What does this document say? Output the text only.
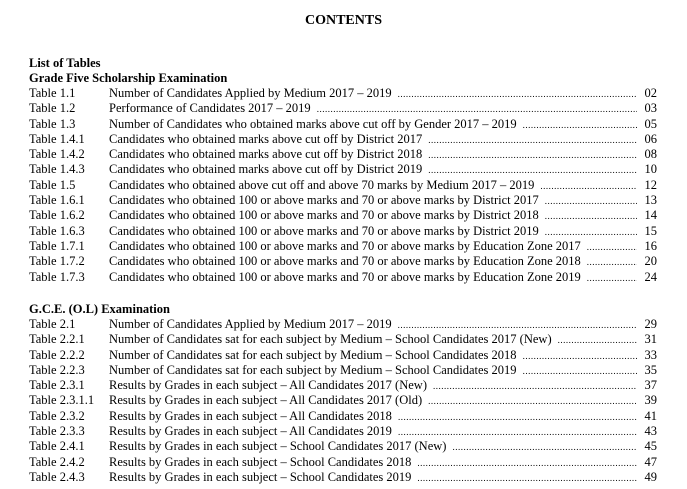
CONTENTS
List of Tables
Grade Five Scholarship Examination
Table 1.1	Number of Candidates Applied by Medium 2017 – 2019 .....	02
Table 1.2	Performance of Candidates 2017 – 2019 .....	03
Table 1.3	Number of Candidates who obtained marks above cut off by Gender 2017 – 2019 .....	05
Table 1.4.1 Candidates who obtained marks above cut off by District 2017 .....	06
Table 1.4.2 Candidates who obtained marks above cut off by District 2018 .....	08
Table 1.4.3 Candidates who obtained marks above cut off by District 2019 .....	10
Table 1.5	Candidates who obtained above cut off and above 70 marks by Medium 2017 – 2019 .....	12
Table 1.6.1 Candidates who obtained 100 or above marks and 70 or above marks by District 2017 .....	13
Table 1.6.2 Candidates who obtained 100 or above marks and 70 or above marks by District 2018 .....	14
Table 1.6.3 Candidates who obtained 100 or above marks and 70 or above marks by District 2019 .....	15
Table 1.7.1 Candidates who obtained 100 or above marks and 70 or above marks by Education Zone 2017 .....	16
Table 1.7.2 Candidates who obtained 100 or above marks and 70 or above marks by Education Zone 2018 .....	20
Table 1.7.3 Candidates who obtained 100 or above marks and 70 or above marks by Education Zone 2019 .....	24
G.C.E. (O.L) Examination
Table 2.1	Number of Candidates Applied by Medium 2017 – 2019 .....	29
Table 2.2.1 Number of Candidates sat for each subject by Medium – School Candidates 2017 (New) .....	31
Table 2.2.2 Number of Candidates sat for each subject by Medium – School Candidates 2018 .....	33
Table 2.2.3 Number of Candidates sat for each subject by Medium – School Candidates 2019 .....	35
Table 2.3.1 Results by Grades in each subject – All Candidates 2017 (New) .....	37
Table 2.3.1.1 Results by Grades in each subject – All Candidates 2017 (Old) .....	39
Table 2.3.2 Results by Grades in each subject – All Candidates 2018 .....	41
Table 2.3.3 Results by Grades in each subject – All Candidates 2019 .....	43
Table 2.4.1 Results by Grades in each subject – School Candidates 2017 (New) .....	45
Table 2.4.2 Results by Grades in each subject – School Candidates 2018 .....	47
Table 2.4.3 Results by Grades in each subject – School Candidates 2019 .....	49
